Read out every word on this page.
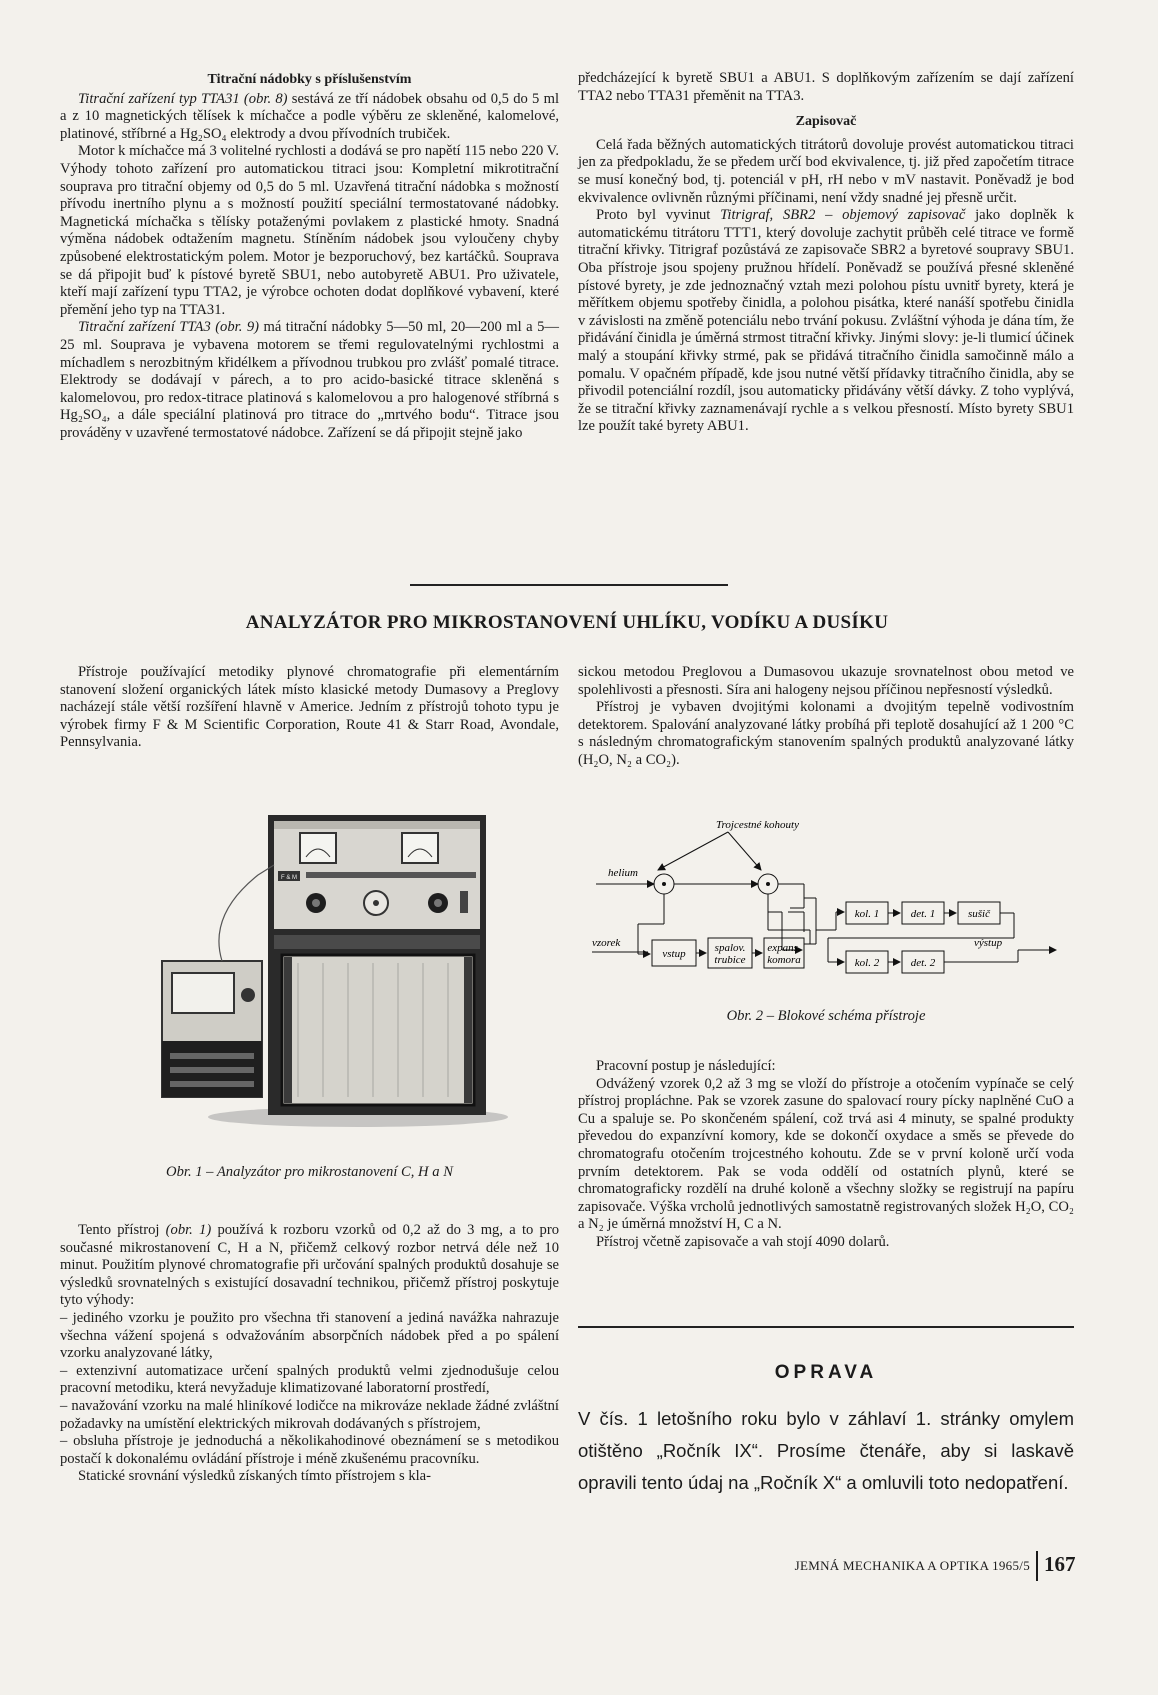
Titrační nádobky s příslušenstvím

Titrační zařízení typ TTA31 (obr. 8) sestává ze tří nádobek obsahu od 0,5 do 5 ml a z 10 magnetických tělísek k míchačce a podle výběru ze skleněné, kalomelové, platinové, stříbrné a Hg₂SO₄ elektrody a dvou přívodních trubiček.

Motor k míchačce má 3 volitelné rychlosti a dodává se pro napětí 115 nebo 220 V. Výhody tohoto zařízení pro automatickou titraci jsou: Kompletní mikrotitrační souprava pro titrační objemy od 0,5 do 5 ml. Uzavřená titrační nádobka s možností přívodu inertního plynu a s možností použití speciální termostatované nádobky. Magnetická míchačka s tělísky potaženými povlakem z plastické hmoty. Snadná výměna nádobek odtažením magnetu. Stíněním nádobek jsou vyloučeny chyby způsobené elektrostatickým polem. Motor je bezporuchový, bez kartáčků. Souprava se dá připojit buď k pístové byretě SBU1, nebo autobyretě ABU1. Pro uživatele, kteří mají zařízení typu TTA2, je výrobce ochoten dodat doplňkové vybavení, které přemění jeho typ na TTA31.

Titrační zařízení TTA3 (obr. 9) má titrační nádobky 5—50 ml, 20—200 ml a 5—25 ml. Souprava je vybavena motorem se třemi regulovatelnými rychlostmi a míchadlem s nerozbitným křidélkem a přívodnou trubkou pro zvlášť pomalé titrace. Elektrody se dodávají v párech, a to pro acido-basické titrace skleněná s kalomelovou, pro redox-titrace platinová s kalomelovou a pro halogenové stříbrná s Hg₂SO₄, a dále speciální platinová pro titrace do „mrtvého bodu“. Titrace jsou prováděny v uzavřené termostatové nádobce. Zařízení se dá připojit stejně jako

předcházející k byretě SBU1 a ABU1. S doplňkovým zařízením se dají zařízení TTA2 nebo TTA31 přeměnit na TTA3.

Zapisovač

Celá řada běžných automatických titrátorů dovoluje provést automatickou titraci jen za předpokladu, že se předem určí bod ekvivalence, tj. již před započetím titrace se musí konečný bod, tj. potenciál v pH, rH nebo v mV nastavit. Poněvadž je bod ekvivalence ovlivněn různými příčinami, není vždy snadné jej přesně určit.

Proto byl vyvinut Titrigraf, SBR2 – objemový zapisovač jako doplněk k automatickému titrátoru TTT1, který dovoluje zachytit průběh celé titrace ve formě titrační křivky. Titrigraf pozůstává ze zapisovače SBR2 a byretové soupravy SBU1. Oba přístroje jsou spojeny pružnou hřídelí. Poněvadž se používá přesné skleněné pístové byrety, je zde jednoznačný vztah mezi polohou pístu uvnitř byrety, která je měřítkem objemu spotřeby činidla, a polohou pisátka, které nanáší spotřebu činidla v závislosti na změně potenciálu nebo trvání pokusu. Zvláštní výhoda je dána tím, že přidávání činidla je úměrná strmost titrační křivky. Jinými slovy: je-li tlumicí účinek malý a stoupání křivky strmé, pak se přidává titračního činidla samočinně málo a pomalu. V opačném případě, kde jsou nutné větší přídavky titračního činidla, aby se přivodil potenciální rozdíl, jsou automaticky přidávány větší dávky. Z toho vyplývá, že se titrační křivky zaznamenávají rychle a s velkou přesností. Místo byrety SBU1 lze použít také byrety ABU1.

ANALYZÁTOR PRO MIKROSTANOVENÍ UHLÍKU, VODÍKU A DUSÍKU

Přístroje používající metodiky plynové chromatografie při elementárním stanovení složení organických látek místo klasické metody Dumasovy a Preglovy nacházejí stále větší rozšíření hlavně v Americe. Jedním z přístrojů tohoto typu je výrobek firmy F & M Scientific Corporation, Route 41 & Starr Road, Avondale, Pennsylvania.

sickou metodou Preglovou a Dumasovou ukazuje srovnatelnost obou metod ve spolehlivosti a přesnosti. Síra ani halogeny nejsou příčinou nepřesností výsledků.

Přístroj je vybaven dvojitými kolonami a dvojitým tepelně vodivostním detektorem. Spalování analyzované látky probíhá při teplotě dosahující až 1 200 °C s následným chromatografickým stanovením spalných produktů analyzované látky (H₂O, N₂ a CO₂).

F & M
Obr. 1 – Analyzátor pro mikrostanovení C, H a N

Tento přístroj (obr. 1) používá k rozboru vzorků od 0,2 až do 3 mg, a to pro současné mikrostanovení C, H a N, přičemž celkový rozbor netrvá déle než 10 minut. Použitím plynové chromatografie při určování spalných produktů dosahuje se výsledků srovnatelných s existující dosavadní technikou, přičemž přístroj poskytuje tyto výhody:

– jediného vzorku je použito pro všechna tři stanovení a jediná navážka nahrazuje všechna vážení spojená s odvažováním absorpčních nádobek před a po spálení vzorku analyzované látky,

– extenzivní automatizace určení spalných produktů velmi zjednodušuje celou pracovní metodiku, která nevyžaduje klimatizované laboratorní prostředí,

– navažování vzorku na malé hliníkové lodičce na mikrováze neklade žádné zvláštní požadavky na umístění elektrických mikrovah dodávaných s přístrojem,

– obsluha přístroje je jednoduchá a několikahodinové obeznámení se s metodikou postačí k dokonalému ovládání přístroje i méně zkušenému pracovníku.

Statické srovnání výsledků získaných tímto přístrojem s kla-

Trojcestné kohouty
helium
vzorek
vstup	spalov.
trubice
expans.
komora
kol. 1	det. 1	sušič
kol. 2	det. 2
výstup
Obr. 2 – Blokové schéma přístroje

Pracovní postup je následující:

Odvážený vzorek 0,2 až 3 mg se vloží do přístroje a otočením vypínače se celý přístroj propláchne. Pak se vzorek zasune do spalovací roury pícky naplněné CuO a Cu a spaluje se. Po skončeném spálení, což trvá asi 4 minuty, se spalné produkty převedou do expanzívní komory, kde se dokončí oxydace a směs se převede do chromatografu otočením trojcestného kohoutu. Zde se v první koloně určí voda prvním detektorem. Pak se voda oddělí od ostatních plynů, které se chromatograficky rozdělí na druhé koloně a všechny složky se registrují na papíru zapisovače. Výška vrcholů jednotlivých samostatně registrovaných složek H₂O, CO₂ a N₂ je úměrná množství H, C a N.

Přístroj včetně zapisovače a vah stojí 4090 dolarů.

OPRAVA
V čís. 1 letošního roku bylo v záhlaví 1. stránky omylem otištěno „Ročník IX“. Prosíme čtenáře, aby si laskavě opravili tento údaj na „Ročník X“ a omluvili toto nedopatření.
JEMNÁ MECHANIKA A OPTIKA 1965/5 167
